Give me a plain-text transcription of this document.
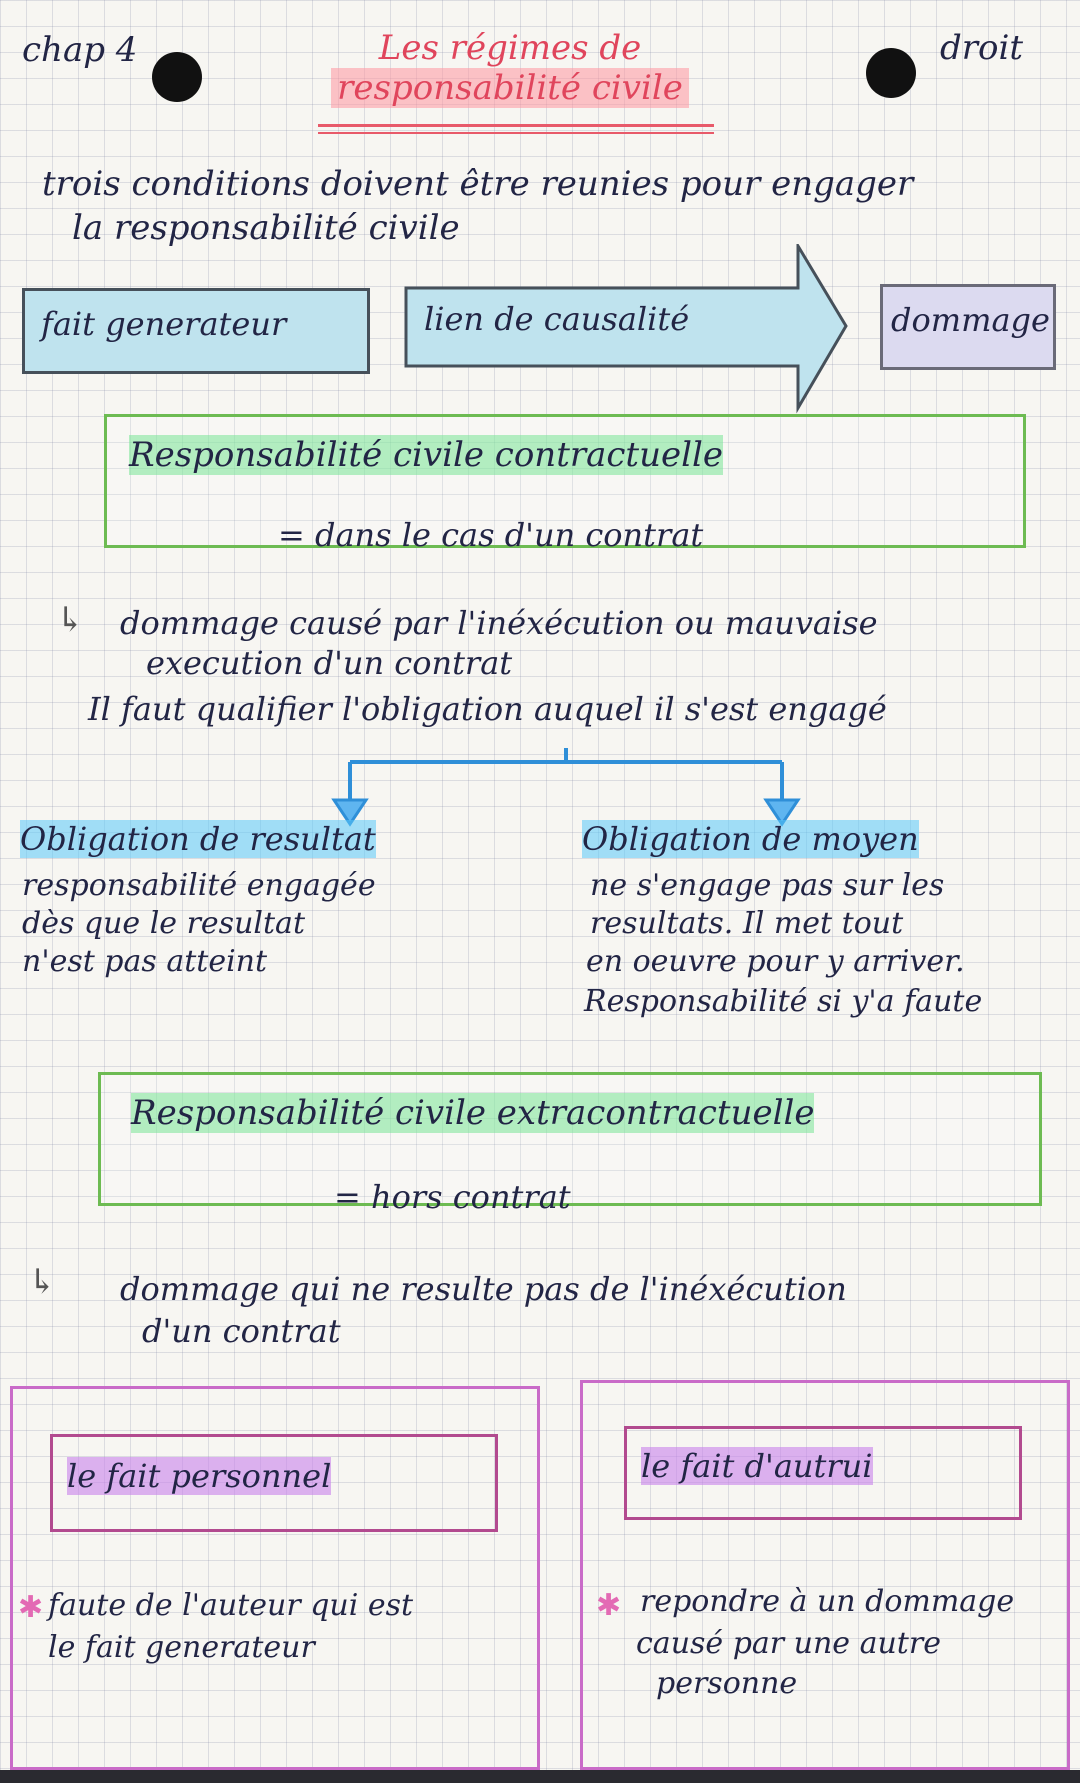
chap 4	droit
Les régimes de
responsabilité civile
trois conditions doivent être reunies pour engager
la responsabilité civile
fait generateur	lien de causalité	dommage
Responsabilité civile contractuelle
= dans le cas d'un contrat
↳ dommage causé par l'inéxécution ou mauvaise
execution d'un contrat
Il faut qualifier l'obligation auquel il s'est engagé
Obligation de resultat
responsabilité engagée
dès que le resultat
n'est pas atteint
Obligation de moyen
ne s'engage pas sur les
resultats. Il met tout
en oeuvre pour y arriver.
Responsabilité si y'a faute
Responsabilité civile extracontractuelle
= hors contrat
↳ dommage qui ne resulte pas de l'inéxécution
d'un contrat
le fait personnel
✱ faute de l'auteur qui est
le fait generateur
le fait d'autrui
✱ repondre à un dommage
causé par une autre
personne
